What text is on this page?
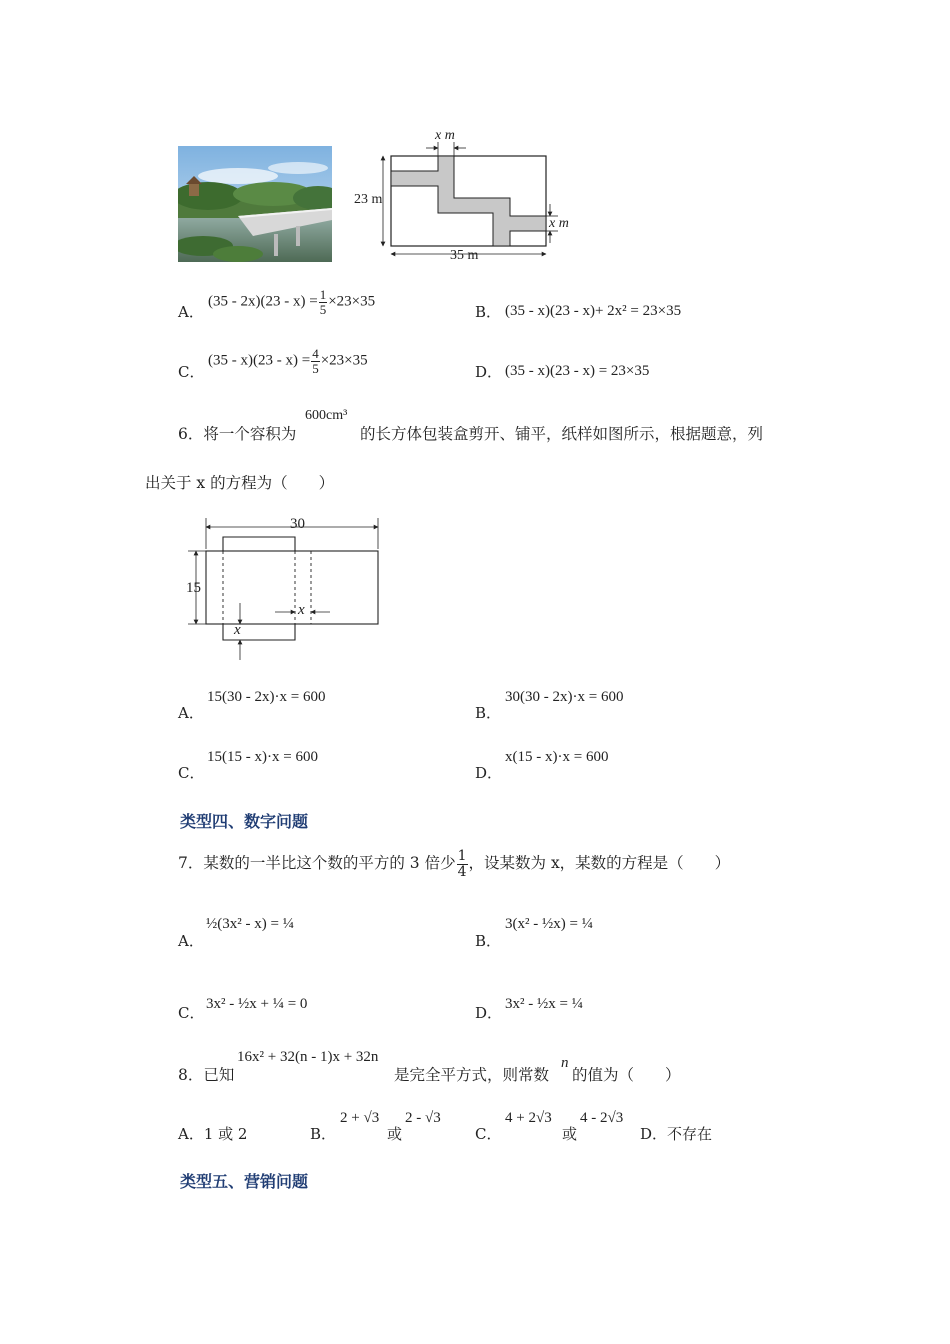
x m
x m
23 m
35 m
A．
$(35 - 2x)(23 - x) = \frac{1}{5} \times 23\times 35$
B． (35 - x)(23 - x)+ 2x² = 23×35
C．
$(35 - x)(23 - x) = \frac{4}{5} \times 23\times 35$
D． (35 - x)(23 - x) = 23×35
6．将一个容积为
600cm³
的长方体包装盒剪开、铺平，纸样如图所示，根据题意，列
出关于 x 的方程为（　　）
30
15
x
x
A．
15(30 - 2x)·x = 600
B．
30(30 - 2x)·x = 600
C．
15(15 - x)·x = 600
D．
x(15 - x)·x = 600
类型四、数字问题
7．某数的一半比这个数的平方的 3 倍少 $\frac{1}{4}$ ，设某数为 x，某数的方程是（　　）
A．
½(3x² - x) = ¼
B．
3(x² - ½x) = ¼
C． 3x² - ½x + ¼ = 0	D． 3x² - ½x = ¼
8．已知
16x² + 32(n - 1)x + 32n
是完全平方式，则常数
n
的值为（　　）
A．1 或 2	B．
2 + √3
或
2 - √3
C．
4 + 2√3
或
4 - 2√3
D．不存在
类型五、营销问题
